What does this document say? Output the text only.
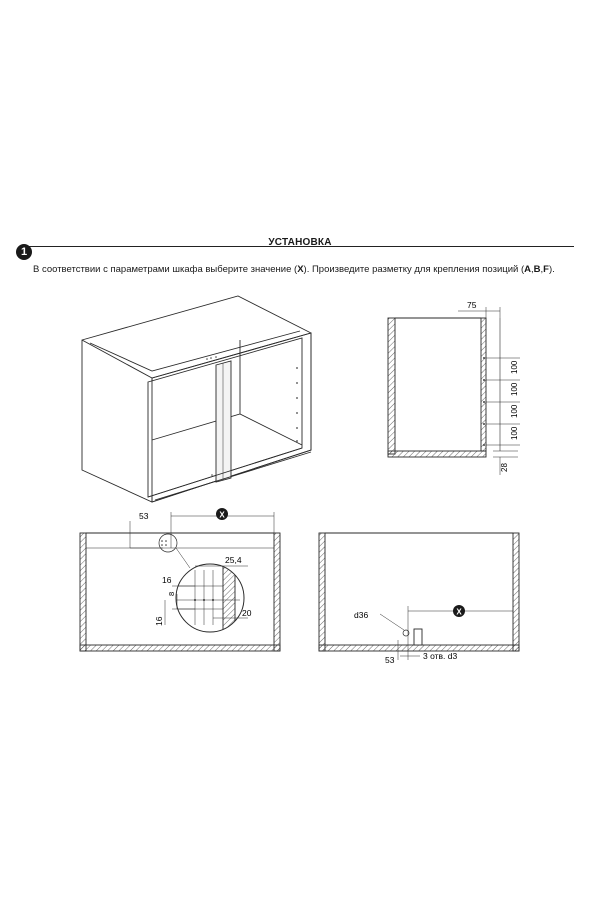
1
УСТАНОВКА
В соответствии с параметрами шкафа выберите значение (X). Произведите разметку для крепления позиций (A,B,F).
75
100
100
100
100
28
53	X
25,4
16
8
16
20	d36
53	3 отв. d3
X
